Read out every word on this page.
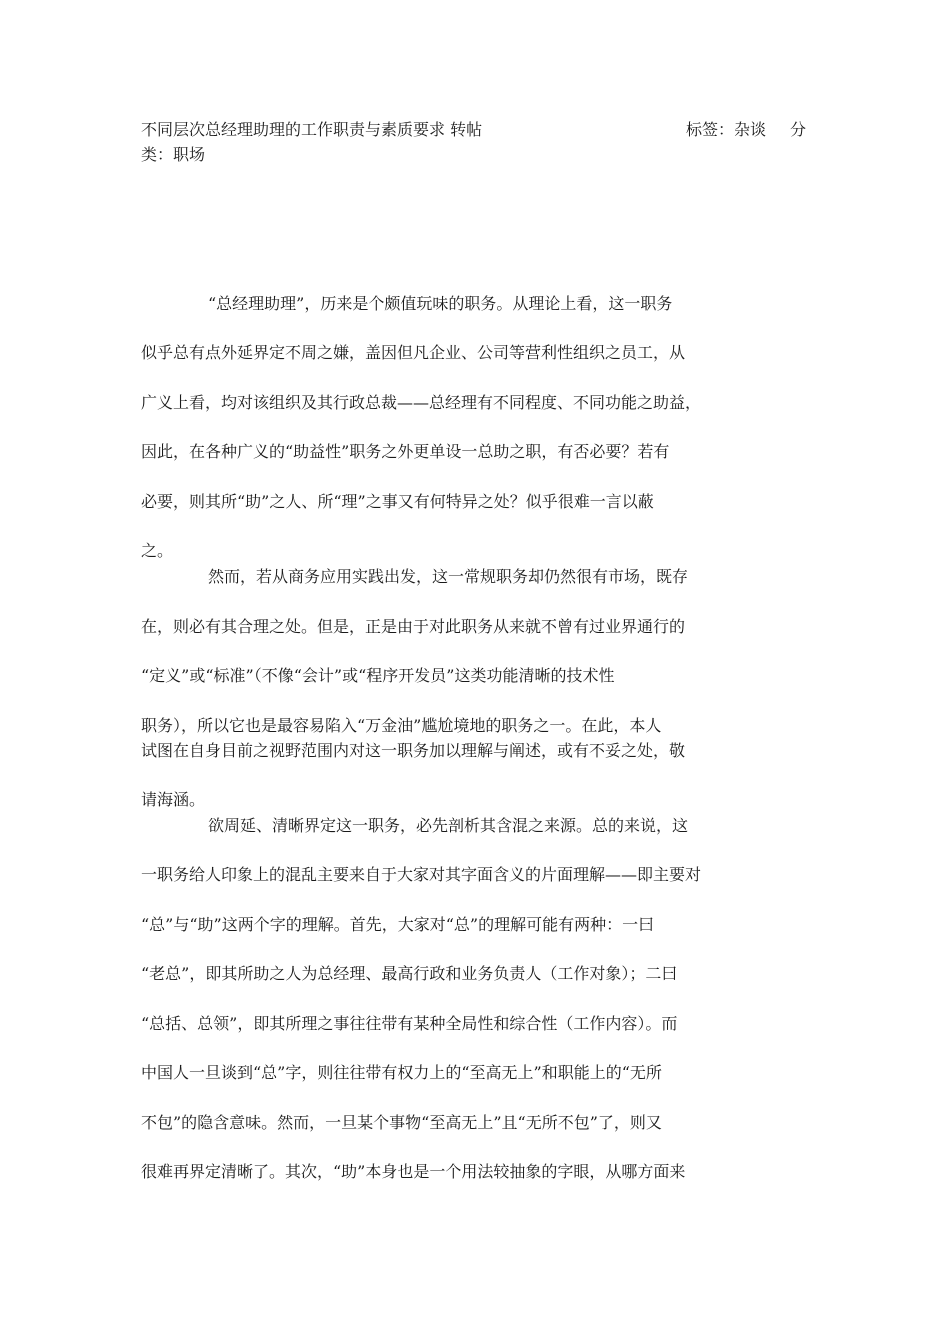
不同层次总经理助理的工作职责与素质要求 转帖	标签：杂谈 分
类：职场
“总经理助理”，历来是个颇值玩味的职务。从理论上看，这一职务
似乎总有点外延界定不周之嫌，盖因但凡企业、公司等营利性组织之员工，从
广义上看，均对该组织及其行政总裁——总经理有不同程度、不同功能之助益，
因此，在各种广义的“助益性”职务之外更单设一总助之职，有否必要？若有
必要，则其所“助”之人、所“理”之事又有何特异之处？似乎很难一言以蔽
之。
然而，若从商务应用实践出发，这一常规职务却仍然很有市场，既存
在，则必有其合理之处。但是，正是由于对此职务从来就不曾有过业界通行的
“定义”或“标准”（不像“会计”或“程序开发员”这类功能清晰的技术性
职务），所以它也是最容易陷入“万金油”尴尬境地的职务之一。在此，本人
试图在自身目前之视野范围内对这一职务加以理解与阐述，或有不妥之处，敬
请海涵。
欲周延、清晰界定这一职务，必先剖析其含混之来源。总的来说，这
一职务给人印象上的混乱主要来自于大家对其字面含义的片面理解——即主要对
“总”与“助”这两个字的理解。首先，大家对“总”的理解可能有两种：一曰
“老总”，即其所助之人为总经理、最高行政和业务负责人（工作对象）；二曰
“总括、总领”，即其所理之事往往带有某种全局性和综合性（工作内容）。而
中国人一旦谈到“总”字，则往往带有权力上的“至高无上”和职能上的“无所
不包”的隐含意味。然而，一旦某个事物“至高无上”且“无所不包”了，则又
很难再界定清晰了。其次，“助”本身也是一个用法较抽象的字眼，从哪方面来
